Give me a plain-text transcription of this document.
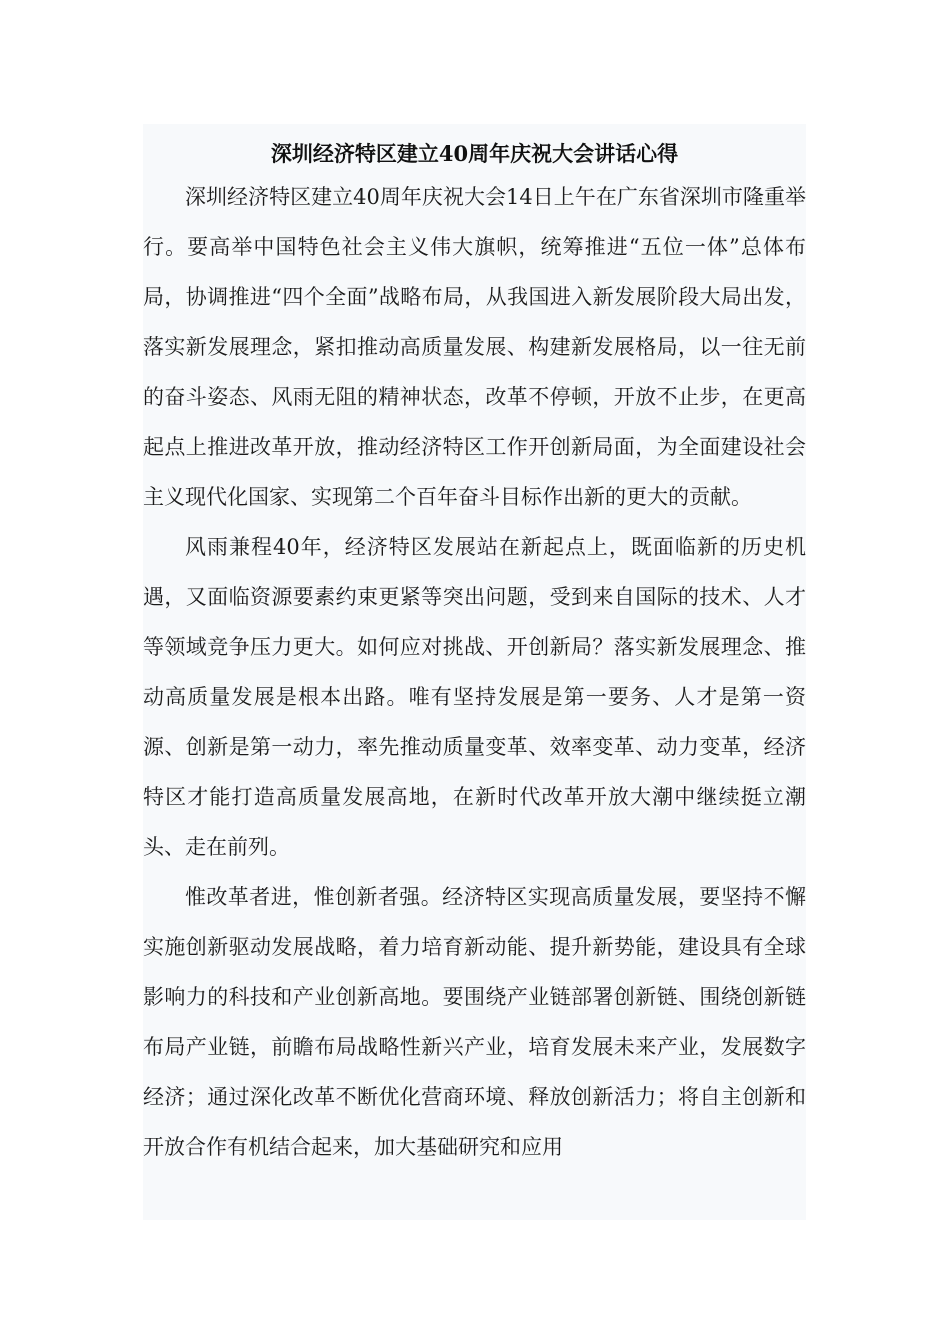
深圳经济特区建立40周年庆祝大会讲话心得

深圳经济特区建立40周年庆祝大会14日上午在广东省深圳市隆重举行。要高举中国特色社会主义伟大旗帜，统筹推进“五位一体”总体布局，协调推进“四个全面”战略布局，从我国进入新发展阶段大局出发，落实新发展理念，紧扣推动高质量发展、构建新发展格局，以一往无前的奋斗姿态、风雨无阻的精神状态，改革不停顿，开放不止步，在更高起点上推进改革开放，推动经济特区工作开创新局面，为全面建设社会主义现代化国家、实现第二个百年奋斗目标作出新的更大的贡献。

风雨兼程40年，经济特区发展站在新起点上，既面临新的历史机遇，又面临资源要素约束更紧等突出问题，受到来自国际的技术、人才等领域竞争压力更大。如何应对挑战、开创新局？落实新发展理念、推动高质量发展是根本出路。唯有坚持发展是第一要务、人才是第一资源、创新是第一动力，率先推动质量变革、效率变革、动力变革，经济特区才能打造高质量发展高地，在新时代改革开放大潮中继续挺立潮头、走在前列。

惟改革者进，惟创新者强。经济特区实现高质量发展，要坚持不懈实施创新驱动发展战略，着力培育新动能、提升新势能，建设具有全球影响力的科技和产业创新高地。要围绕产业链部署创新链、围绕创新链布局产业链，前瞻布局战略性新兴产业，培育发展未来产业，发展数字经济；通过深化改革不断优化营商环境、释放创新活力；将自主创新和开放合作有机结合起来，加大基础研究和应用
